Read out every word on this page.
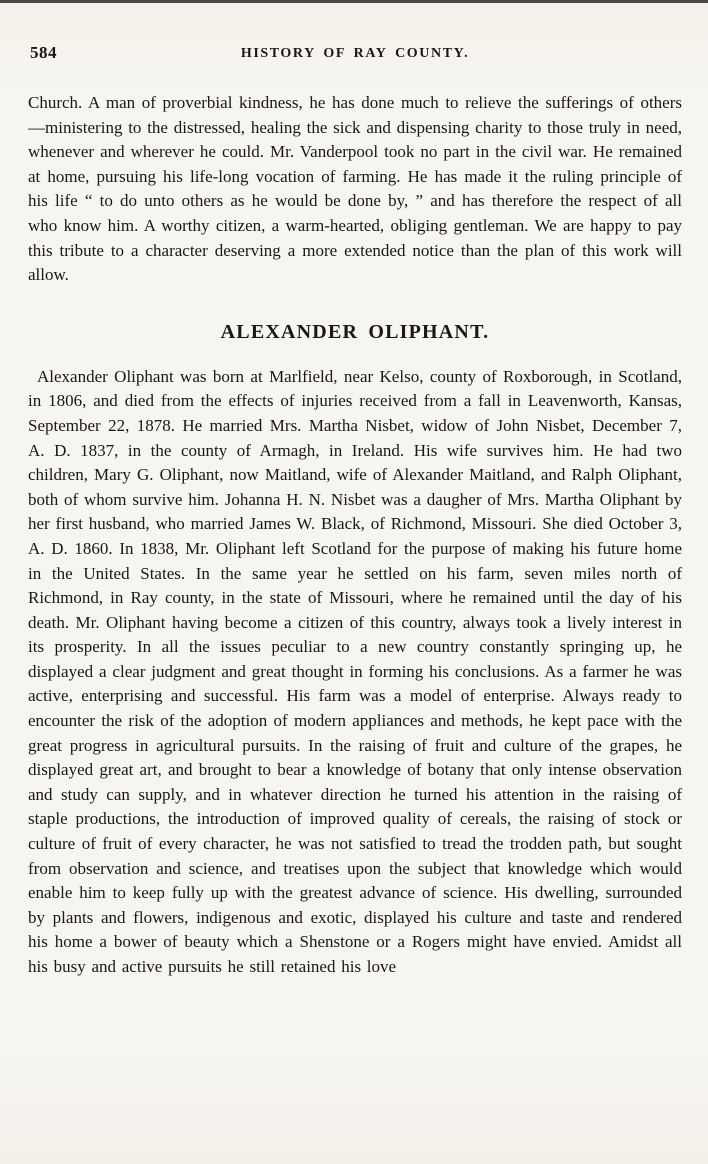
584	HISTORY OF RAY COUNTY.

Church. A man of proverbial kindness, he has done much to relieve the sufferings of others—ministering to the distressed, healing the sick and dispensing charity to those truly in need, whenever and wherever he could. Mr. Vanderpool took no part in the civil war. He remained at home, pursuing his life-long vocation of farming. He has made it the ruling principle of his life “ to do unto others as he would be done by, ” and has therefore the respect of all who know him. A worthy citizen, a warm-hearted, obliging gentleman. We are happy to pay this tribute to a character deserving a more extended notice than the plan of this work will allow.

ALEXANDER OLIPHANT.

Alexander Oliphant was born at Marlfield, near Kelso, county of Roxborough, in Scotland, in 1806, and died from the effects of injuries received from a fall in Leavenworth, Kansas, September 22, 1878. He married Mrs. Martha Nisbet, widow of John Nisbet, December 7, A. D. 1837, in the county of Armagh, in Ireland. His wife survives him. He had two children, Mary G. Oliphant, now Maitland, wife of Alexander Maitland, and Ralph Oliphant, both of whom survive him. Johanna H. N. Nisbet was a daugher of Mrs. Martha Oliphant by her first husband, who married James W. Black, of Richmond, Missouri. She died October 3, A. D. 1860. In 1838, Mr. Oliphant left Scotland for the purpose of making his future home in the United States. In the same year he settled on his farm, seven miles north of Richmond, in Ray county, in the state of Missouri, where he remained until the day of his death. Mr. Oliphant having become a citizen of this country, always took a lively interest in its prosperity. In all the issues peculiar to a new country constantly springing up, he displayed a clear judgment and great thought in forming his conclusions. As a farmer he was active, enterprising and successful. His farm was a model of enterprise. Always ready to encounter the risk of the adoption of modern appliances and methods, he kept pace with the great progress in agricultural pursuits. In the raising of fruit and culture of the grapes, he displayed great art, and brought to bear a knowledge of botany that only intense observation and study can supply, and in whatever direction he turned his attention in the raising of staple productions, the introduction of improved quality of cereals, the raising of stock or culture of fruit of every character, he was not satisfied to tread the trodden path, but sought from observation and science, and treatises upon the subject that knowledge which would enable him to keep fully up with the greatest advance of science. His dwelling, surrounded by plants and flowers, indigenous and exotic, displayed his culture and taste and rendered his home a bower of beauty which a Shenstone or a Rogers might have envied. Amidst all his busy and active pursuits he still retained his love
